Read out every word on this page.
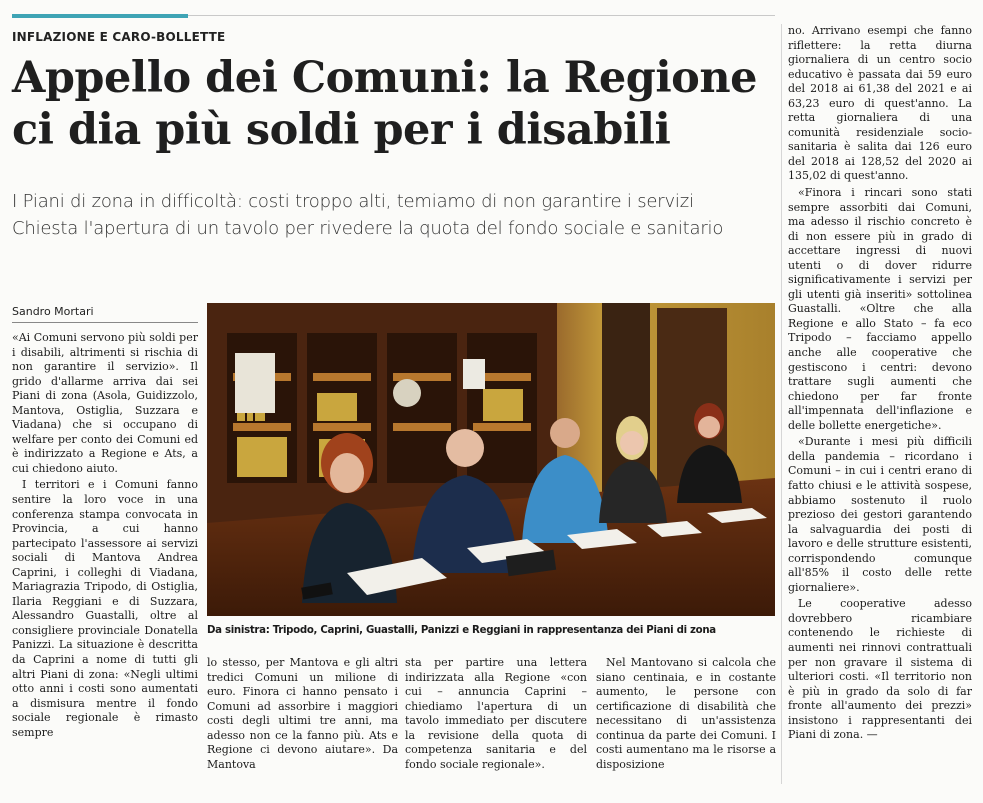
INFLAZIONE E CARO-BOLLETTE
Appello dei Comuni: la Regione
ci dia più soldi per i disabili
I Piani di zona in difficoltà: costi troppo alti, temiamo di non garantire i servizi
Chiesta l'apertura di un tavolo per rivedere la quota del fondo sociale e sanitario
Sandro Mortari

«Ai Comuni servono più soldi per i disabili, altrimenti si rischia di non garantire il servizio». Il grido d'allarme arriva dai sei Piani di zona (Asola, Guidizzolo, Mantova, Ostiglia, Suzzara e Viadana) che si occupano di welfare per conto dei Comuni ed è indirizzato a Regione e Ats, a cui chiedono aiuto.

I territori e i Comuni fanno sentire la loro voce in una conferenza stampa convocata in Provincia, a cui hanno partecipato l'assessore ai servizi sociali di Mantova Andrea Caprini, i colleghi di Viadana, Mariagrazia Tripodo, di Ostiglia, Ilaria Reggiani e di Suzzara, Alessandro Guastalli, oltre al consigliere provinciale Donatella Panizzi. La situazione è descritta da Caprini a nome di tutti gli altri Piani di zona: «Negli ultimi otto anni i costi sono aumentati a dismisura mentre il fondo sociale regionale è rimasto sempre

Da sinistra: Tripodo, Caprini, Guastalli, Panizzi e Reggiani in rappresentanza dei Piani di zona

lo stesso, per Mantova e gli altri tredici Comuni un milione di euro. Finora ci hanno pensato i Comuni ad assorbire i maggiori costi degli ultimi tre anni, ma adesso non ce la fanno più. Ats e Regione ci devono aiutare». Da Mantova

sta per partire una lettera indirizzata alla Regione «con cui – annuncia Caprini – chiediamo l'apertura di un tavolo immediato per discutere la revisione della quota di competenza sanitaria e del fondo sociale regionale».

Nel Mantovano si calcola che siano centinaia, e in costante aumento, le persone con certificazione di disabilità che necessitano di un'assistenza continua da parte dei Comuni. I costi aumentano ma le risorse a disposizione

no. Arrivano esempi che fanno riflettere: la retta diurna giornaliera di un centro socio educativo è passata dai 59 euro del 2018 ai 61,38 del 2021 e ai 63,23 euro di quest'anno. La retta giornaliera di una comunità residenziale socio-sanitaria è salita dai 126 euro del 2018 ai 128,52 del 2020 ai 135,02 di quest'anno.

«Finora i rincari sono stati sempre assorbiti dai Comuni, ma adesso il rischio concreto è di non essere più in grado di accettare ingressi di nuovi utenti o di dover ridurre significativamente i servizi per gli utenti già inseriti» sottolinea Guastalli. «Oltre che alla Regione e allo Stato – fa eco Tripodo – facciamo appello anche alle cooperative che gestiscono i centri: devono trattare sugli aumenti che chiedono per far fronte all'impennata dell'inflazione e delle bollette energetiche».

«Durante i mesi più difficili della pandemia – ricordano i Comuni – in cui i centri erano di fatto chiusi e le attività sospese, abbiamo sostenuto il ruolo prezioso dei gestori garantendo la salvaguardia dei posti di lavoro e delle strutture esistenti, corrispondendo comunque all'85% il costo delle rette giornaliere».

Le cooperative adesso dovrebbero ricambiare contenendo le richieste di aumenti nei rinnovi contrattuali per non gravare il sistema di ulteriori costi. «Il territorio non è più in grado da solo di far fronte all'aumento dei prezzi» insistono i rappresentanti dei Piani di zona. —
